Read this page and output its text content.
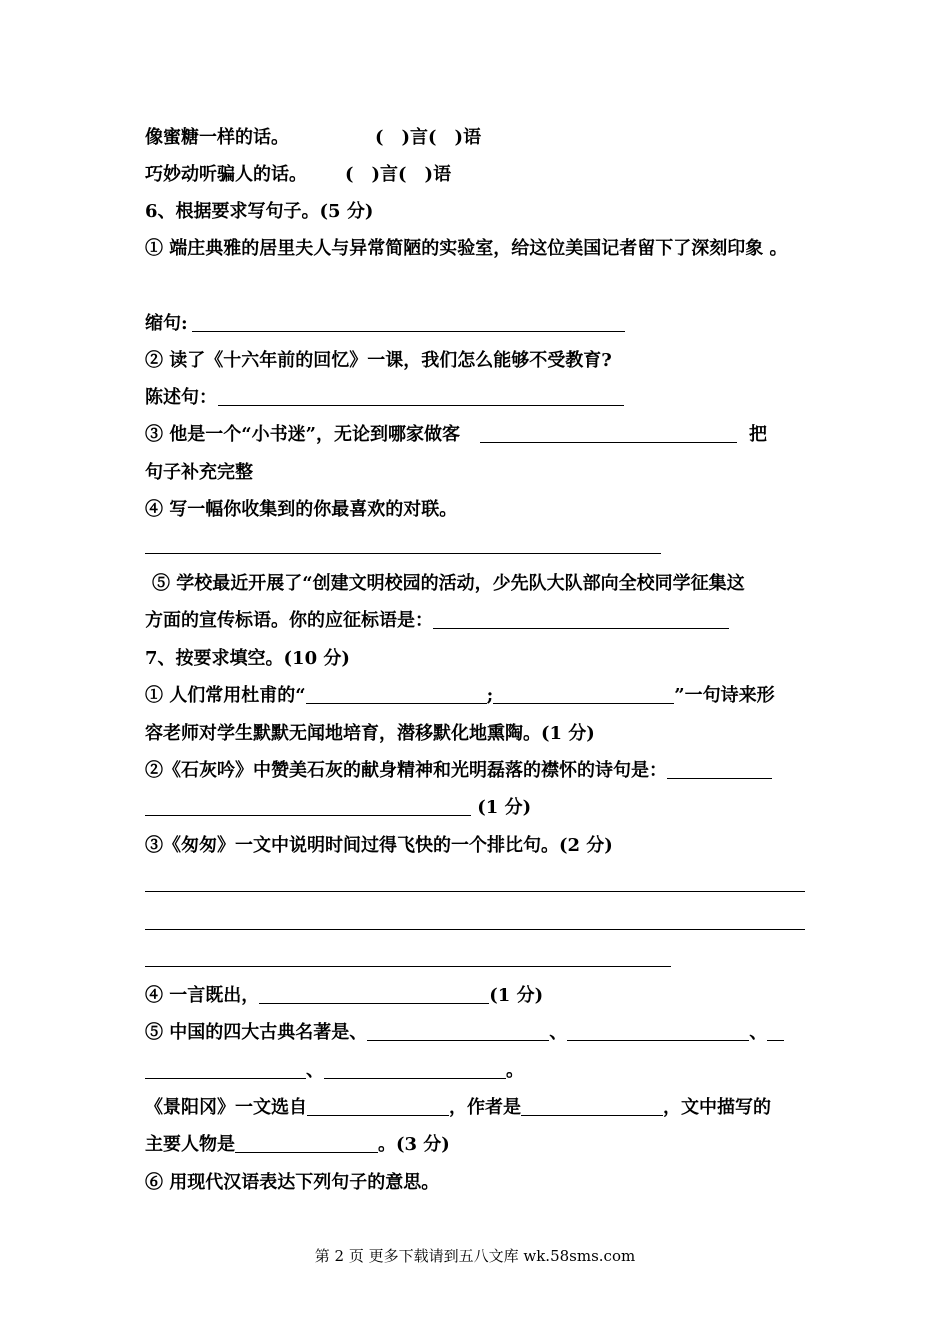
像蜜糖一样的话。	(　)言(　)语
巧妙动听骗人的话。 (　)言(　)语
6、根据要求写句子。(5 分)
① 端庄典雅的居里夫人与异常简陋的实验室，给这位美国记者留下了深刻印象 。
缩句:
② 读了《十六年前的回忆》一课，我们怎么能够不受教育?
陈述句：
③ 他是一个“小书迷”，无论到哪家做客	把
句子补充完整
④ 写一幅你收集到的你最喜欢的对联。
⑤ 学校最近开展了“创建文明校园的活动，少先队大队部向全校同学征集这
方面的宣传标语。你的应征标语是：
7、按要求填空。(10 分)
① 人们常用杜甫的“	;	”一句诗来形
容老师对学生默默无闻地培育，潜移默化地熏陶。(1 分)
②《石灰吟》中赞美石灰的献身精神和光明磊落的襟怀的诗句是：
(1 分)
③《匆匆》一文中说明时间过得飞快的一个排比句。(2 分)
④ 一言既出，	(1 分)
⑤ 中国的四大古典名著是、	、	、
、	。
《景阳冈》一文选自	，作者是	，文中描写的
主要人物是	。(3 分)
⑥ 用现代汉语表达下列句子的意思。
第 2 页 更多下载请到五八文库 wk.58sms.com
